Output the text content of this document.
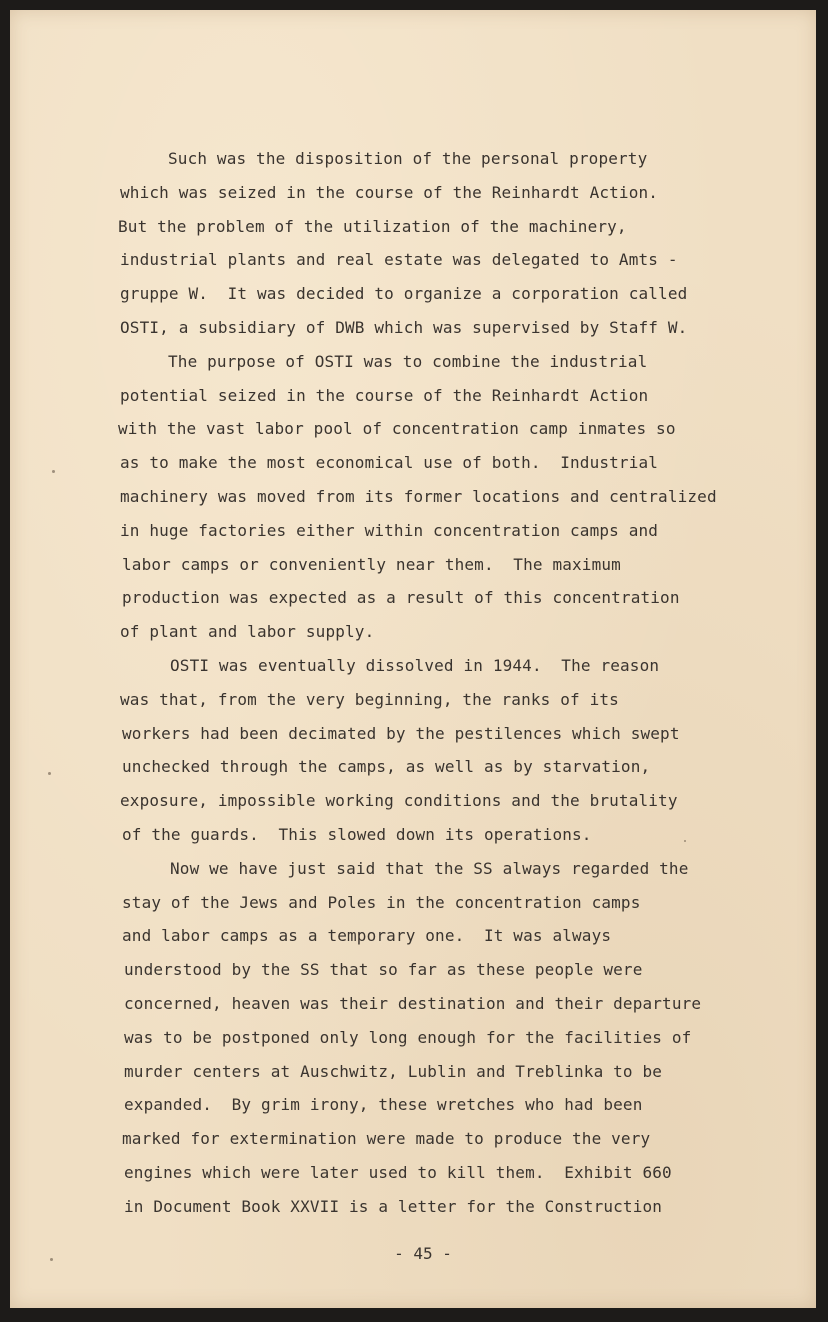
Such was the disposition of the personal property
which was seized in the course of the Reinhardt Action.
But the problem of the utilization of the machinery,
industrial plants and real estate was delegated to Amts -
gruppe W.  It was decided to organize a corporation called
OSTI, a subsidiary of DWB which was supervised by Staff W.
The purpose of OSTI was to combine the industrial
potential seized in the course of the Reinhardt Action
with the vast labor pool of concentration camp inmates so
as to make the most economical use of both.  Industrial
machinery was moved from its former locations and centralized
in huge factories either within concentration camps and
labor camps or conveniently near them.  The maximum
production was expected as a result of this concentration
of plant and labor supply.
OSTI was eventually dissolved in 1944.  The reason
was that, from the very beginning, the ranks of its
workers had been decimated by the pestilences which swept
unchecked through the camps, as well as by starvation,
exposure, impossible working conditions and the brutality
of the guards.  This slowed down its operations.
Now we have just said that the SS always regarded the
stay of the Jews and Poles in the concentration camps
and labor camps as a temporary one.  It was always
understood by the SS that so far as these people were
concerned, heaven was their destination and their departure
was to be postponed only long enough for the facilities of
murder centers at Auschwitz, Lublin and Treblinka to be
expanded.  By grim irony, these wretches who had been
marked for extermination were made to produce the very
engines which were later used to kill them.  Exhibit 660
in Document Book XXVII is a letter for the Construction
- 45 -
